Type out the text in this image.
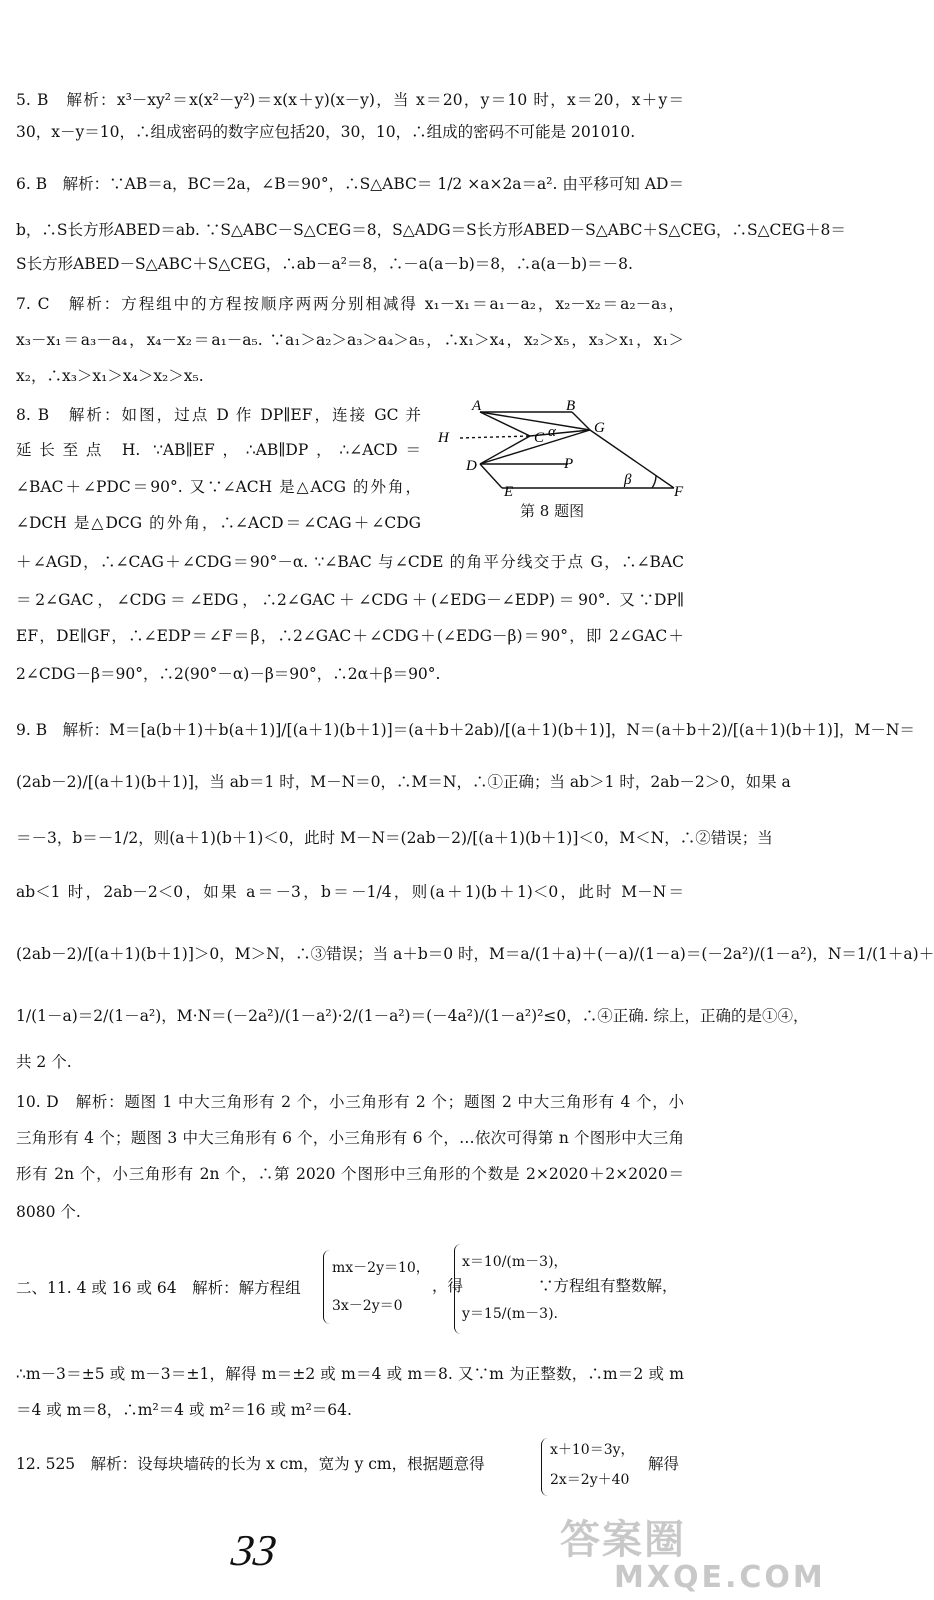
5. B　解析：x³－xy²＝x(x²－y²)＝x(x＋y)(x－y)，当 x＝20，y＝10 时，x＝20，x＋y＝
30，x－y＝10，∴组成密码的数字应包括20，30，10，∴组成的密码不可能是 201010.
6. B　解析：∵AB＝a，BC＝2a，∠B＝90°，∴S△ABC＝ 1/2 ×a×2a＝a². 由平移可知 AD＝
b，∴S长方形ABED＝ab. ∵S△ABC－S△CEG＝8，S△ADG＝S长方形ABED－S△ABC＋S△CEG，∴S△CEG＋8＝
S长方形ABED－S△ABC＋S△CEG，∴ab－a²＝8，∴－a(a－b)＝8，∴a(a－b)＝－8.
7. C　解析：方程组中的方程按顺序两两分别相减得 x₁－x₁＝a₁－a₂，x₂－x₂＝a₂－a₃，
x₃－x₁＝a₃－a₄，x₄－x₂＝a₁－a₅. ∵a₁＞a₂＞a₃＞a₄＞a₅，∴x₁＞x₄，x₂＞x₅，x₃＞x₁，x₁＞
x₂，∴x₃＞x₁＞x₄＞x₂＞x₅.
8. B　解析：如图，过点 D 作 DP∥EF，连接 GC 并
延长至点 H. ∵AB∥EF，∴AB∥DP，∴∠ACD＝
∠BAC＋∠PDC＝90°. 又∵∠ACH 是△ACG 的外角，
∠DCH 是△DCG 的外角，∴∠ACD＝∠CAG＋∠CDG
A	B
H	C α	G
D	P
β
E	F
第 8 题图
＋∠AGD，∴∠CAG＋∠CDG＝90°－α. ∵∠BAC 与∠CDE 的角平分线交于点 G，∴∠BAC
＝2∠GAC，∠CDG＝∠EDG，∴2∠GAC＋∠CDG＋(∠EDG－∠EDP)＝90°. 又∵DP∥
EF，DE∥GF，∴∠EDP＝∠F＝β，∴2∠GAC＋∠CDG＋(∠EDG－β)＝90°，即 2∠GAC＋
2∠CDG－β＝90°，∴2(90°－α)－β＝90°，∴2α＋β＝90°.
9. B　解析：M＝[a(b＋1)＋b(a＋1)]/[(a＋1)(b＋1)]＝(a＋b＋2ab)/[(a＋1)(b＋1)]，N＝(a＋b＋2)/[(a＋1)(b＋1)]，M－N＝
(2ab－2)/[(a＋1)(b＋1)]，当 ab＝1 时，M－N＝0，∴M＝N，∴①正确；当 ab＞1 时，2ab－2＞0，如果 a
＝－3，b＝－1/2，则(a＋1)(b＋1)＜0，此时 M－N＝(2ab－2)/[(a＋1)(b＋1)]＜0，M＜N，∴②错误；当
ab＜1 时，2ab－2＜0，如果 a＝－3，b＝－1/4，则(a＋1)(b＋1)＜0，此时 M－N＝
(2ab－2)/[(a＋1)(b＋1)]＞0，M＞N，∴③错误；当 a＋b＝0 时，M＝a/(1＋a)＋(－a)/(1－a)＝(－2a²)/(1－a²)，N＝1/(1＋a)＋
1/(1－a)＝2/(1－a²)，M·N＝(－2a²)/(1－a²)·2/(1－a²)＝(－4a²)/(1－a²)²≤0，∴④正确. 综上，正确的是①④，
共 2 个.
10. D　解析：题图 1 中大三角形有 2 个，小三角形有 2 个；题图 2 中大三角形有 4 个，小
三角形有 4 个；题图 3 中大三角形有 6 个，小三角形有 6 个，…依次可得第 n 个图形中大三角
形有 2n 个，小三角形有 2n 个，∴第 2020 个图形中三角形的个数是 2×2020＋2×2020＝
8080 个.
二、11. 4 或 16 或 64　解析：解方程组
mx－2y＝10，
3x－2y＝0
，得
x＝10/(m－3)，
y＝15/(m－3).
∵方程组有整数解，
∴m－3＝±5 或 m－3＝±1，解得 m＝±2 或 m＝4 或 m＝8. 又∵m 为正整数，∴m＝2 或 m
＝4 或 m＝8，∴m²＝4 或 m²＝16 或 m²＝64.
12. 525　解析：设每块墙砖的长为 x cm，宽为 y cm，根据题意得
x＋10＝3y，
2x＝2y＋40
解得
33	答案圈
MXQE.COM
